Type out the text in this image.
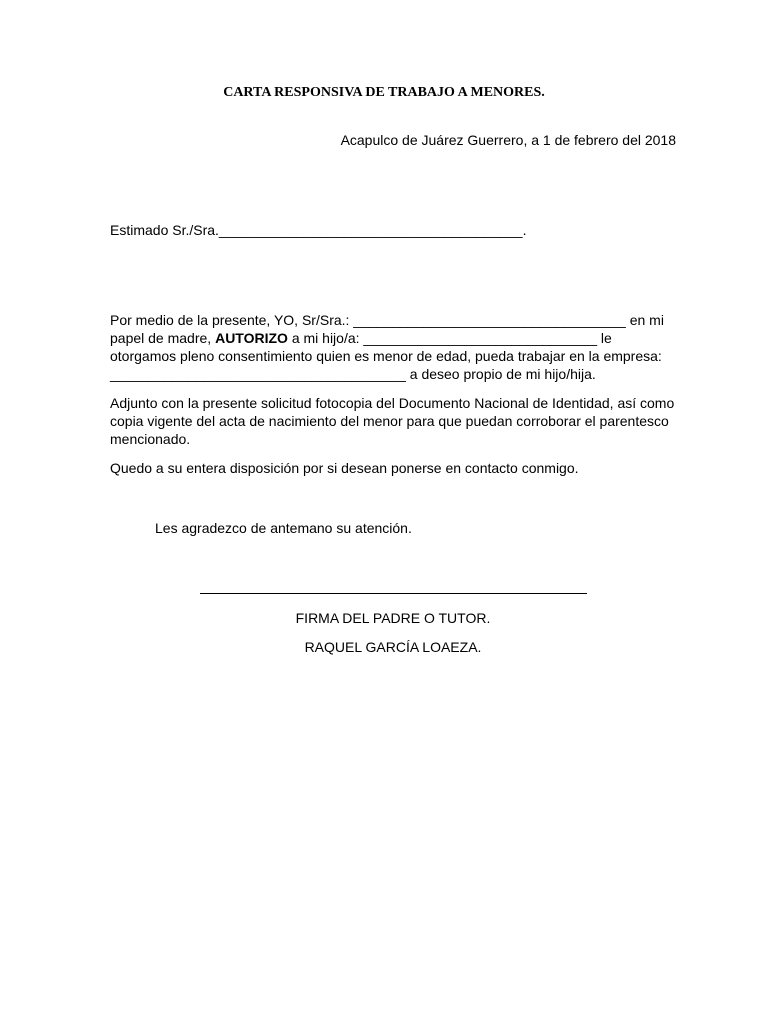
CARTA RESPONSIVA DE TRABAJO A MENORES.
Acapulco de Juárez Guerrero, a 1 de febrero del 2018
Estimado Sr./Sra._______________________________________.
Por medio de la presente, YO, Sr/Sra.: ___________________________________ en mi
papel de madre, AUTORIZO a mi hijo/a: ______________________________ le
otorgamos pleno consentimiento quien es menor de edad, pueda trabajar en la empresa:
______________________________________ a deseo propio de mi hijo/hija.
Adjunto con la presente solicitud fotocopia del Documento Nacional de Identidad, así como copia vigente del acta de nacimiento del menor para que puedan corroborar el parentesco mencionado.
Quedo a su entera disposición por si desean ponerse en contacto conmigo.
Les agradezco de antemano su atención.
FIRMA DEL PADRE O TUTOR.
RAQUEL GARCÍA LOAEZA.
